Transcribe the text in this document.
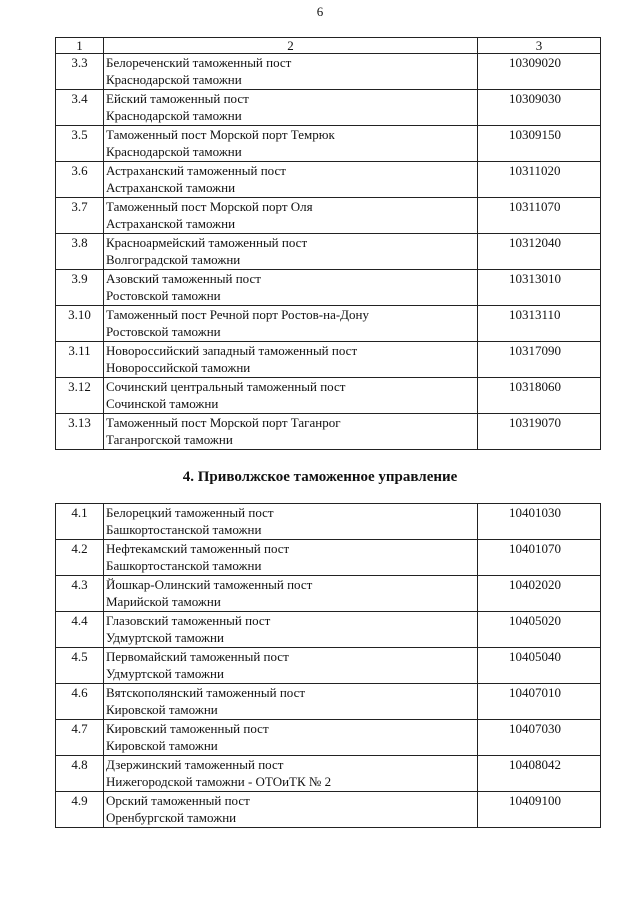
6
1	2	3
3.3	Белореченский таможенный пост
Краснодарской таможни	10309020
3.4	Ейский таможенный пост
Краснодарской таможни	10309030
3.5	Таможенный пост Морской порт Темрюк
Краснодарской таможни	10309150
3.6	Астраханский таможенный пост
Астраханской таможни	10311020
3.7	Таможенный пост Морской порт Оля
Астраханской таможни	10311070
3.8	Красноармейский таможенный пост
Волгоградской таможни	10312040
3.9	Азовский таможенный пост
Ростовской таможни	10313010
3.10	Таможенный пост Речной порт Ростов-на-Дону
Ростовской таможни	10313110
3.11	Новороссийский западный таможенный пост
Новороссийской таможни	10317090
3.12	Сочинский центральный таможенный пост
Сочинской таможни	10318060
3.13	Таможенный пост Морской порт Таганрог
Таганрогской таможни	10319070
4. Приволжское таможенное управление
4.1	Белорецкий таможенный пост
Башкортостанской таможни	10401030
4.2	Нефтекамский таможенный пост
Башкортостанской таможни	10401070
4.3	Йошкар-Олинский таможенный пост
Марийской таможни	10402020
4.4	Глазовский таможенный пост
Удмуртской таможни	10405020
4.5	Первомайский таможенный пост
Удмуртской таможни	10405040
4.6	Вятскополянский таможенный пост
Кировской таможни	10407010
4.7	Кировский таможенный пост
Кировской таможни	10407030
4.8	Дзержинский таможенный пост
Нижегородской таможни - ОТОиТК № 2	10408042
4.9	Орский таможенный пост
Оренбургской таможни	10409100
